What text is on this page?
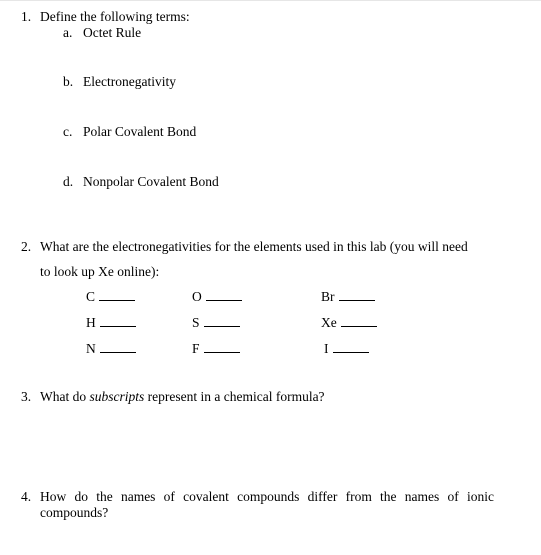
1. Define the following terms:
a. Octet Rule
b. Electronegativity
c. Polar Covalent Bond
d. Nonpolar Covalent Bond
2. What are the electronegativities for the elements used in this lab (you will need
to look up Xe online):
C
H
N
O
S
F
Br
Xe
I
3. What do subscripts represent in a chemical formula?
4. How do the names of covalent compounds differ from the names of ionic
compounds?
